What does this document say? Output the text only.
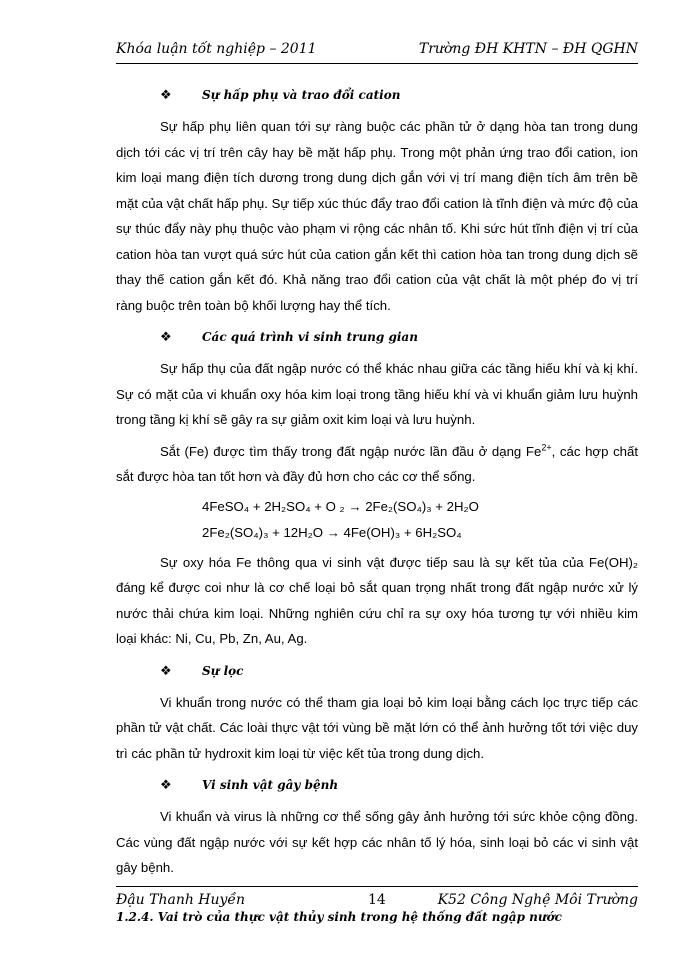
Khóa luận tốt nghiệp – 2011	Trường ĐH KHTN – ĐH QGHN
❖	Sự hấp phụ và trao đổi cation

Sự hấp phụ liên quan tới sự ràng buộc các phần tử ở dạng hòa tan trong dung dịch tới các vị trí trên cây hay bề mặt hấp phụ. Trong một phản ứng trao đổi cation, ion kim loại mang điện tích dương trong dung dịch gắn với vị trí mang điện tích âm trên bề mặt của vật chất hấp phụ. Sự tiếp xúc thúc đẩy trao đổi cation là tĩnh điện và mức độ của sự thúc đẩy này phụ thuộc vào phạm vi rộng các nhân tố. Khi sức hút tĩnh điện vị trí của cation hòa tan vượt quá sức hút của cation gắn kết thì cation hòa tan trong dung dịch sẽ thay thế cation gắn kết đó. Khả năng trao đổi cation của vật chất là một phép đo vị trí ràng buộc trên toàn bộ khối lượng hay thể tích.

❖	Các quá trình vi sinh trung gian

Sự hấp thụ của đất ngập nước có thể khác nhau giữa các tầng hiếu khí và kị khí. Sự có mặt của vi khuẩn oxy hóa kim loại trong tầng hiếu khí và vi khuẩn giảm lưu huỳnh trong tầng kị khí sẽ gây ra sự giảm oxit kim loại và lưu huỳnh.

Sắt (Fe) được tìm thấy trong đất ngập nước lần đầu ở dạng $Fe^{2+}$, các hợp chất sắt được hòa tan tốt hơn và đầy đủ hơn cho các cơ thể sống.

4FeSO₄ + 2H₂SO₄ + O ₂ → 2Fe₂(SO₄)₃ + 2H₂O
2Fe₂(SO₄)₃ + 12H₂O → 4Fe(OH)₃ + 6H₂SO₄

Sự oxy hóa Fe thông qua vi sinh vật được tiếp sau là sự kết tủa của Fe(OH)₂ đáng kể được coi như là cơ chế loại bỏ sắt quan trọng nhất trong đất ngập nước xử lý nước thải chứa kim loại. Những nghiên cứu chỉ ra sự oxy hóa tương tự với nhiều kim loại khác: Ni, Cu, Pb, Zn, Au, Ag.

❖	Sự lọc

Vi khuẩn trong nước có thể tham gia loại bỏ kim loại bằng cách lọc trực tiếp các phần tử vật chất. Các loài thực vật tới vùng bề mặt lớn có thể ảnh hưởng tốt tới việc duy trì các phần tử hydroxit kim loại từ việc kết tủa trong dung dịch.

❖	Vi sinh vật gây bệnh

Vi khuẩn và virus là những cơ thể sống gây ảnh hưởng tới sức khỏe cộng đồng. Các vùng đất ngập nước với sự kết hợp các nhân tố lý hóa, sinh loại bỏ các vi sinh vật gây bệnh.

1.2.4. Vai trò của thực vật thủy sinh trong hệ thống đất ngập nước
Đậu Thanh Huyền	14	K52 Công Nghệ Môi Trường
